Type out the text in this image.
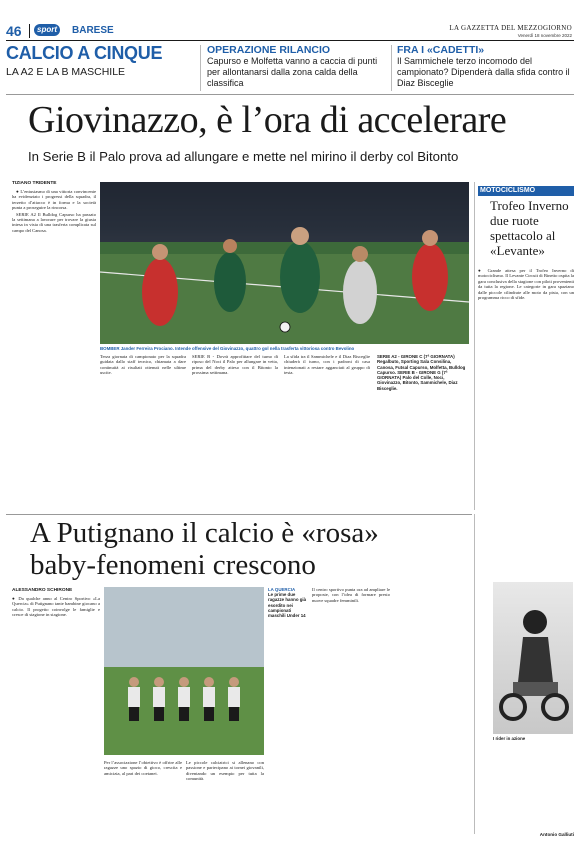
46	sport	BARESE	LA GAZZETTA DEL MEZZOGIORNO
Venerdì 18 novembre 2022
CALCIO A CINQUE
LA A2 E LA B MASCHILE
OPERAZIONE RILANCIO
Capurso e Molfetta vanno a caccia di punti per allontanarsi dalla zona calda della classifica
FRA I «CADETTI»
Il Sammichele terzo incomodo del campionato? Dipenderà dalla sfida contro il Diaz Bisceglie
Giovinazzo, è l’ora di accelerare
In Serie B il Palo prova ad allungare e mette nel mirino il derby col Bitonto
TIZIANO TRIDENTE

● L’entusiasmo di una vittoria convincente ha evidenziato i progressi della squadra, il terzetto d’attacco è in forma e la società punta a proseguire la rincorsa.

SERIE A2 Il Bulldog Capurso ha passato la settimana a lavorare per trovare la giusta intesa in vista di una trasferta complicata sul campo del Canosa.

BOMBER Jander Ferreira Prociano. Intende offensive del Giovinazzo, quattro gol nella trasferta vittoriosa contro Bevolino
Terza giornata di campionato per la squadra guidata dallo staff tecnico, chiamata a dare continuità ai risultati ottenuti nelle ultime uscite.
SERIE B - Dovrà approfittare del turno di riposo del Noci il Palo per allungare in vetta, prima del derby atteso con il Bitonto la prossima settimana.
La sfida tra il Sammichele e il Diaz Bisceglie chiuderà il turno, con i padroni di casa intenzionati a restare agganciati al gruppo di testa.
SERIE A2 - GIRONE C (7ª GIORNATA) Regalbuto, Sporting Sala Consilina, Canosa, Futsal Capurso, Molfetta, Bulldog Capurso. SERIE B - GIRONE G (7ª GIORNATA) Palo del Colle, Noci, Giovinazzo, Bitonto, Sammichele, Diaz Bisceglie.
MOTOCICLISMO
Trofeo Inverno due ruote spettacolo al «Levante»
● Grande attesa per il Trofeo Inverno di motociclismo. Il Levante Circuit di Binetto ospita la gara conclusiva della stagione con piloti provenienti da tutta la regione. Le categorie in gara spaziano dalle piccole cilindrate alle moto da pista, con un programma ricco di sfide.
I rider in azione
Antonio Galliuti
A Putignano il calcio è «rosa»
baby-fenomeni crescono
ALESSANDRO SCHIRONE
● Da qualche anno al Centro Sportivo «La Quercia» di Putignano tante bambine giocano a calcio. Il progetto coinvolge le famiglie e cresce di stagione in stagione.
LA QUERCIA
Le prime due ragazze hanno già esordito nei campionati maschili Under 14
Per l’associazione l’obiettivo è offrire alle ragazze uno spazio di gioco, crescita e amicizia, al pari dei coetanei.
Le piccole calciatrici si allenano con passione e partecipano ai tornei giovanili, diventando un esempio per tutta la comunità.
Il centro sportivo punta ora ad ampliare le proposte, con l’idea di formare presto nuove squadre femminili.
